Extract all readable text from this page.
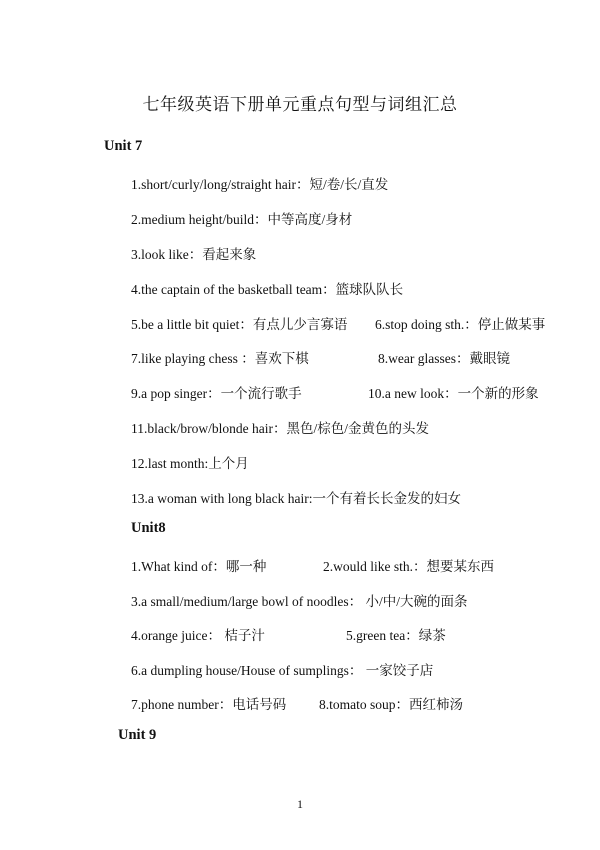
七年级英语下册单元重点句型与词组汇总
Unit 7
1.short/curly/long/straight hair：短/卷/长/直发
2.medium height/build：中等高度/身材
3.look like：看起来象
4.the captain of the basketball team：篮球队队长
5.be a little bit quiet：有点儿少言寡语 6.stop doing sth.：停止做某事
7.like playing chess ：喜欢下棋	8.wear glasses：戴眼镜
9.a pop singer：一个流行歌手	10.a new look：一个新的形象
11.black/brow/blonde hair：黑色/棕色/金黄色的头发
12.last month:上个月
13.a woman with long black hair:一个有着长长金发的妇女
Unit8
1.What kind of：哪一种	2.would like sth.：想要某东西
3.a small/medium/large bowl of noodles： 小/中/大碗的面条
4.orange juice： 桔子汁	5.green tea：绿茶
6.a dumpling house/House of sumplings： 一家饺子店
7.phone number：电话号码 8.tomato soup：西红柿汤
Unit 9
1
